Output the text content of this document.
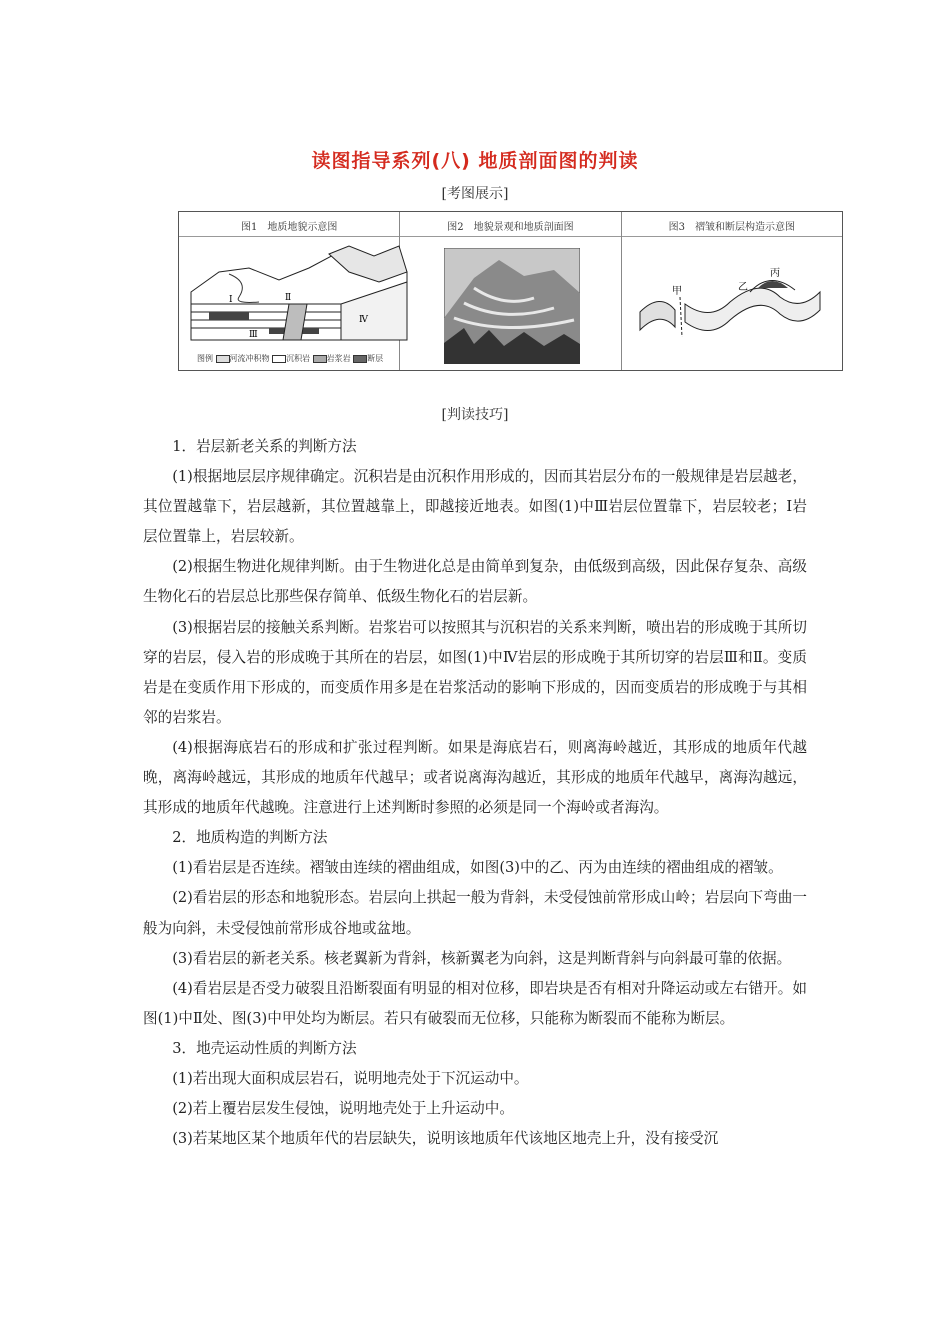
读图指导系列(八) 地质剖面图的判读
[考图展示]
图1　地质地貌示意图
Ⅰ	Ⅱ
Ⅲ
Ⅳ
图例 河流冲积物 沉积岩 岩浆岩 断层
图2　地貌景观和地质剖面图	图3　褶皱和断层构造示意图
甲	乙
丙
[判读技巧]

1．岩层新老关系的判断方法

(1)根据地层层序规律确定。沉积岩是由沉积作用形成的，因而其岩层分布的一般规律是岩层越老，其位置越靠下，岩层越新，其位置越靠上，即越接近地表。如图(1)中Ⅲ岩层位置靠下，岩层较老；Ⅰ岩层位置靠上，岩层较新。

(2)根据生物进化规律判断。由于生物进化总是由简单到复杂，由低级到高级，因此保存复杂、高级生物化石的岩层总比那些保存简单、低级生物化石的岩层新。

(3)根据岩层的接触关系判断。岩浆岩可以按照其与沉积岩的关系来判断，喷出岩的形成晚于其所切穿的岩层，侵入岩的形成晚于其所在的岩层，如图(1)中Ⅳ岩层的形成晚于其所切穿的岩层Ⅲ和Ⅱ。变质岩是在变质作用下形成的，而变质作用多是在岩浆活动的影响下形成的，因而变质岩的形成晚于与其相邻的岩浆岩。

(4)根据海底岩石的形成和扩张过程判断。如果是海底岩石，则离海岭越近，其形成的地质年代越晚，离海岭越远，其形成的地质年代越早；或者说离海沟越近，其形成的地质年代越早，离海沟越远，其形成的地质年代越晚。注意进行上述判断时参照的必须是同一个海岭或者海沟。

2．地质构造的判断方法

(1)看岩层是否连续。褶皱由连续的褶曲组成，如图(3)中的乙、丙为由连续的褶曲组成的褶皱。

(2)看岩层的形态和地貌形态。岩层向上拱起一般为背斜，未受侵蚀前常形成山岭；岩层向下弯曲一般为向斜，未受侵蚀前常形成谷地或盆地。

(3)看岩层的新老关系。核老翼新为背斜，核新翼老为向斜，这是判断背斜与向斜最可靠的依据。

(4)看岩层是否受力破裂且沿断裂面有明显的相对位移，即岩块是否有相对升降运动或左右错开。如图(1)中Ⅱ处、图(3)中甲处均为断层。若只有破裂而无位移，只能称为断裂而不能称为断层。

3．地壳运动性质的判断方法

(1)若出现大面积成层岩石，说明地壳处于下沉运动中。

(2)若上覆岩层发生侵蚀，说明地壳处于上升运动中。

(3)若某地区某个地质年代的岩层缺失，说明该地质年代该地区地壳上升，没有接受沉
